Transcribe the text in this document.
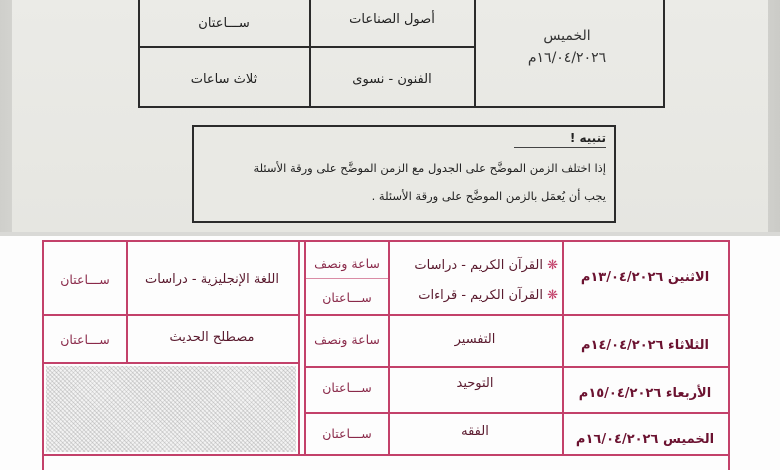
أصول الصناعات
ســـاعتان
الفنون - نسوى
ثلاث ساعات
الخميس
١٦/٠٤/٢٠٢٦م
تنبيه !
إذا اختلف الزمن الموضَّح على الجدول مع الزمن الموضَّح على ورقة الأسئلة
يجب أن يُعمَل بالزمن الموضَّح على ورقة الأسئلة .
الاثنين ١٣/٠٤/٢٠٢٦م
❋ القرآن الكريم - دراسات
❋ القرآن الكريم - قراءات
ساعة ونصف
ســـاعتان
اللغة الإنجليزية - دراسات
ســـاعتان
الثلاثاء ١٤/٠٤/٢٠٢٦م
التفسير
ساعة ونصف
مصطلح الحديث
ســـاعتان
الأربعاء ١٥/٠٤/٢٠٢٦م
التوحيد
ســـاعتان
الخميس ١٦/٠٤/٢٠٢٦م
الفقه
ســـاعتان
